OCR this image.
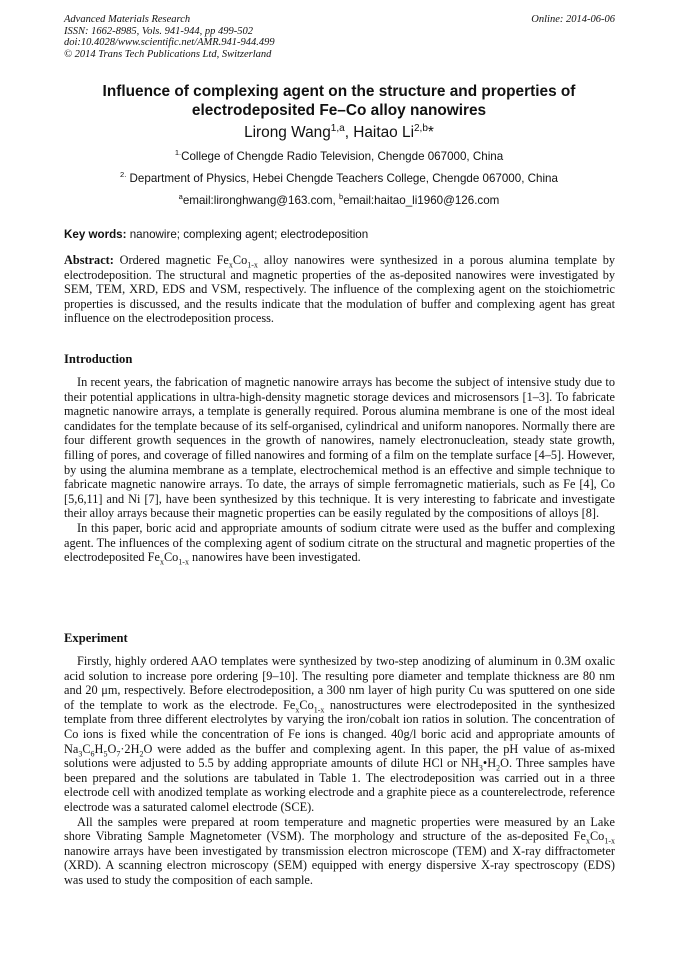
Advanced Materials Research
ISSN: 1662-8985, Vols. 941-944, pp 499-502
doi:10.4028/www.scientific.net/AMR.941-944.499
© 2014 Trans Tech Publications Ltd, Switzerland
Online: 2014-06-06
Influence of complexing agent on the structure and properties of
electrodeposited Fe–Co alloy nanowires
Lirong Wang$^{1,a}$, Haitao Li$^{2,b}$*
$^{1.}$College of Chengde Radio Television, Chengde 067000, China
$^{2.}$ Department of Physics, Hebei Chengde Teachers College, Chengde 067000, China
$^a$email:lironghwang@163.com, $^b$email:haitao_li1960@126.com
Key words: nanowire; complexing agent; electrodeposition

Abstract: Ordered magnetic $Fe_xCo_{1-x}$ alloy nanowires were synthesized in a porous alumina template by electrodeposition. The structural and magnetic properties of the as-deposited nanowires were investigated by SEM, TEM, XRD, EDS and VSM, respectively. The influence of the complexing agent on the stoichiometric properties is discussed, and the results indicate that the modulation of buffer and complexing agent has great influence on the electrodeposition process.

Introduction

In recent years, the fabrication of magnetic nanowire arrays has become the subject of intensive study due to their potential applications in ultra-high-density magnetic storage devices and microsensors [1–3]. To fabricate magnetic nanowire arrays, a template is generally required. Porous alumina membrane is one of the most ideal candidates for the template because of its self-organised, cylindrical and uniform nanopores. Normally there are four different growth sequences in the growth of nanowires, namely electronucleation, steady state growth, filling of pores, and coverage of filled nanowires and forming of a film on the template surface [4–5]. However, by using the alumina membrane as a template, electrochemical method is an effective and simple technique to fabricate magnetic nanowire arrays. To date, the arrays of simple ferromagnetic matierials, such as Fe [4], Co [5,6,11] and Ni [7], have been synthesized by this technique. It is very interesting to fabricate and investigate their alloy arrays because their magnetic properties can be easily regulated by the compositions of alloys [8].

In this paper, boric acid and appropriate amounts of sodium citrate were used as the buffer and complexing agent. The influences of the complexing agent of sodium citrate on the structural and magnetic properties of the electrodeposited $Fe_xCo_{1-x}$ nanowires have been investigated.

Experiment

Firstly, highly ordered AAO templates were synthesized by two-step anodizing of aluminum in 0.3M oxalic acid solution to increase pore ordering [9–10]. The resulting pore diameter and template thickness are 80 nm and 20 μm, respectively. Before electrodeposition, a 300 nm layer of high purity Cu was sputtered on one side of the template to work as the electrode. $Fe_xCo_{1-x}$ nanostructures were electrodeposited in the synthesized template from three different electrolytes by varying the iron/cobalt ion ratios in solution. The concentration of Co ions is fixed while the concentration of Fe ions is changed. 40g/l boric acid and appropriate amounts of $Na_3C_6H_5O_7\cdot 2H_2O$ were added as the buffer and complexing agent. In this paper, the pH value of as-mixed solutions were adjusted to 5.5 by adding appropriate amounts of dilute HCl or $NH_3•H_2O$. Three samples have been prepared and the solutions are tabulated in Table 1. The electrodeposition was carried out in a three electrode cell with anodized template as working electrode and a graphite piece as a counterelectrode, reference electrode was a saturated calomel electrode (SCE).

All the samples were prepared at room temperature and magnetic properties were measured by an Lake shore Vibrating Sample Magnetometer (VSM). The morphology and structure of the as-deposited $Fe_xCo_{1-x}$ nanowire arrays have been investigated by transmission electron microscope (TEM) and X-ray diffractometer (XRD). A scanning electron microscopy (SEM) equipped with energy dispersive X-ray spectroscopy (EDS) was used to study the composition of each sample.
